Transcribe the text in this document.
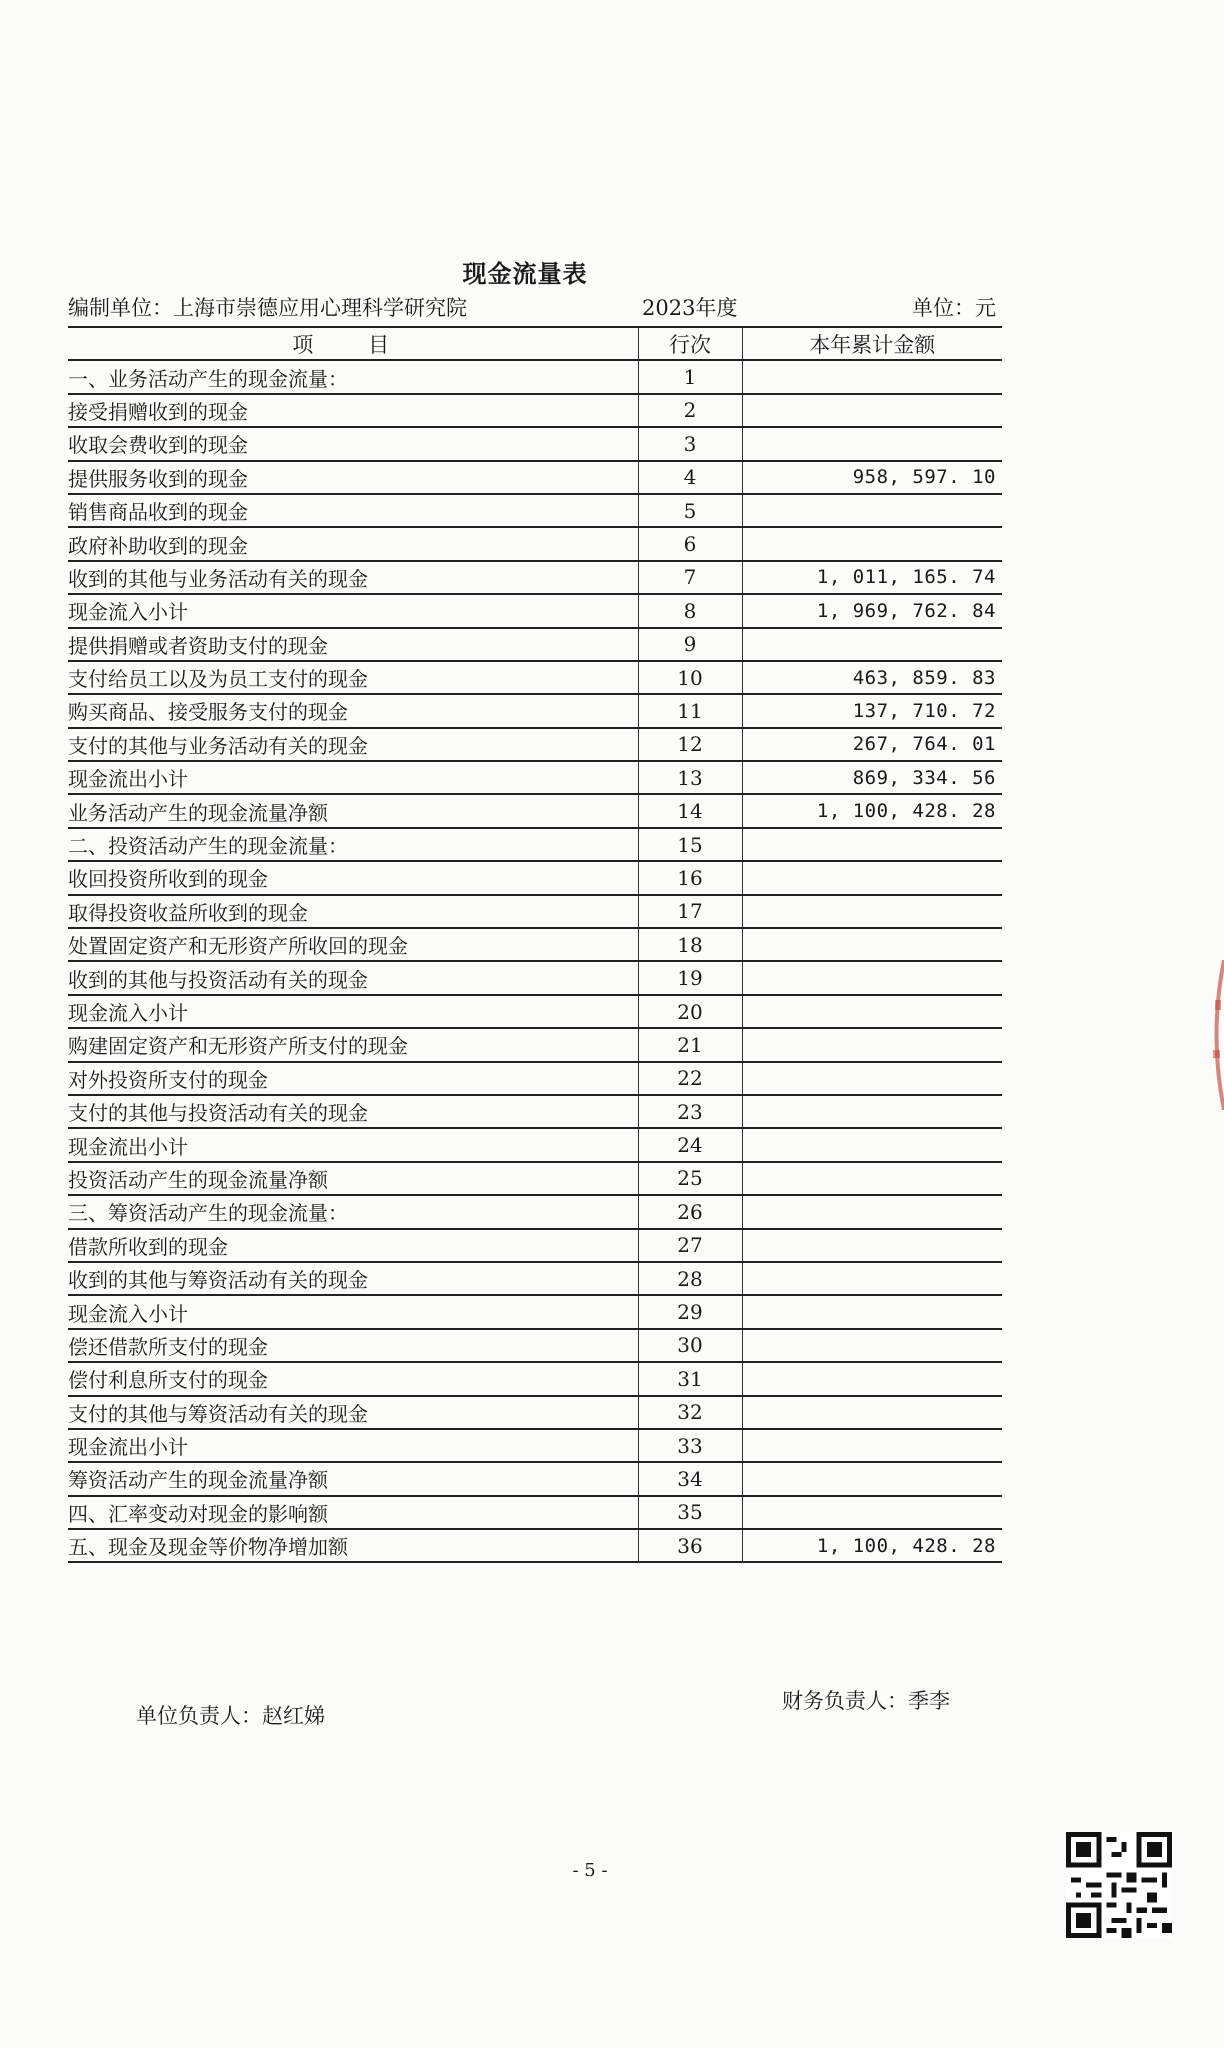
现金流量表
编制单位：上海市崇德应用心理科学研究院	2023年度	单位：元
项 目	行次	本年累计金额
一、业务活动产生的现金流量：	1	
接受捐赠收到的现金	2	
收取会费收到的现金	3	
提供服务收到的现金	4	958, 597. 10
销售商品收到的现金	5	
政府补助收到的现金	6	
收到的其他与业务活动有关的现金	7	1, 011, 165. 74
现金流入小计	8	1, 969, 762. 84
提供捐赠或者资助支付的现金	9	
支付给员工以及为员工支付的现金	10	463, 859. 83
购买商品、接受服务支付的现金	11	137, 710. 72
支付的其他与业务活动有关的现金	12	267, 764. 01
现金流出小计	13	869, 334. 56
业务活动产生的现金流量净额	14	1, 100, 428. 28
二、投资活动产生的现金流量：	15	
收回投资所收到的现金	16	
取得投资收益所收到的现金	17	
处置固定资产和无形资产所收回的现金	18	
收到的其他与投资活动有关的现金	19	
现金流入小计	20	
购建固定资产和无形资产所支付的现金	21	
对外投资所支付的现金	22	
支付的其他与投资活动有关的现金	23	
现金流出小计	24	
投资活动产生的现金流量净额	25	
三、筹资活动产生的现金流量：	26	
借款所收到的现金	27	
收到的其他与筹资活动有关的现金	28	
现金流入小计	29	
偿还借款所支付的现金	30	
偿付利息所支付的现金	31	
支付的其他与筹资活动有关的现金	32	
现金流出小计	33	
筹资活动产生的现金流量净额	34	
四、汇率变动对现金的影响额	35	
五、现金及现金等价物净增加额	36	1, 100, 428. 28
单位负责人：赵红娣
财务负责人：季李
- 5 -
